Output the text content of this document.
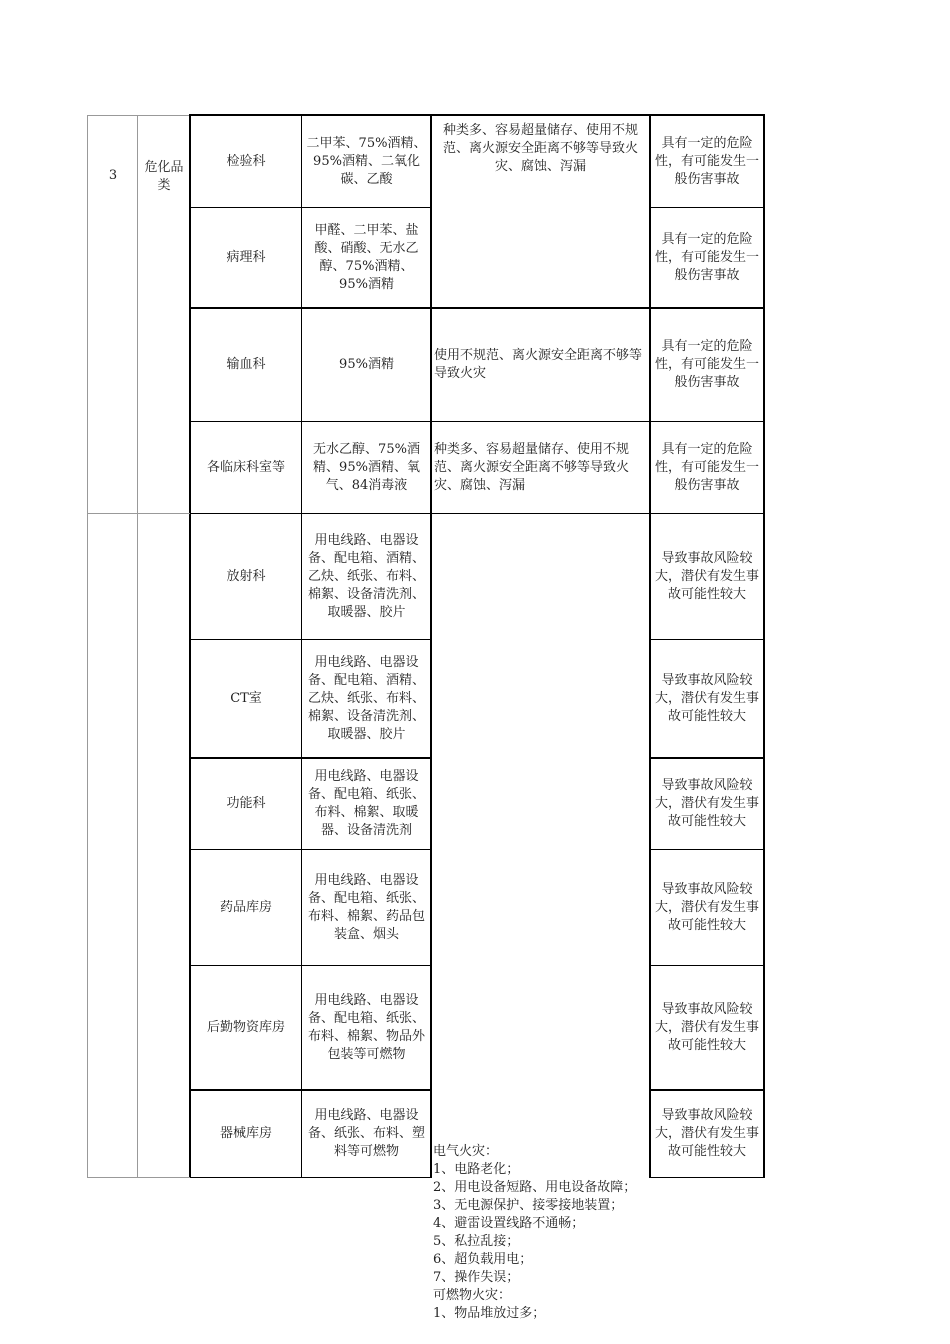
3
危化品类
检验科
二甲苯、75%酒精、95%酒精、二氧化碳、乙酸
种类多、容易超量储存、使用不规范、离火源安全距离不够等导致火灾、腐蚀、泻漏
具有一定的危险性，有可能发生一般伤害事故
病理科
甲醛、二甲苯、盐酸、硝酸、无水乙醇、75%酒精、95%酒精
具有一定的危险性，有可能发生一般伤害事故
输血科	95%酒精
使用不规范、离火源安全距离不够等导致火灾
具有一定的危险性，有可能发生一般伤害事故
各临床科室等
无水乙醇、75%酒精、95%酒精、氧气、84消毒液
种类多、容易超量储存、使用不规范、离火源安全距离不够等导致火灾、腐蚀、泻漏
具有一定的危险性，有可能发生一般伤害事故
放射科
用电线路、电器设备、配电箱、酒精、乙炔、纸张、布料、棉絮、设备清洗剂、取暖器、胶片
导致事故风险较大，潜伏有发生事故可能性较大
CT室
用电线路、电器设备、配电箱、酒精、乙炔、纸张、布料、棉絮、设备清洗剂、取暖器、胶片
导致事故风险较大，潜伏有发生事故可能性较大
功能科
用电线路、电器设备、配电箱、纸张、布料、棉絮、取暖器、设备清洗剂
导致事故风险较大，潜伏有发生事故可能性较大
药品库房
用电线路、电器设备、配电箱、纸张、布料、棉絮、药品包装盒、烟头
导致事故风险较大，潜伏有发生事故可能性较大
后勤物资库房
用电线路、电器设备、配电箱、纸张、布料、棉絮、物品外包装等可燃物
导致事故风险较大，潜伏有发生事故可能性较大
器械库房
用电线路、电器设备、纸张、布料、塑料等可燃物
导致事故风险较大，潜伏有发生事故可能性较大
电气火灾：
1、电路老化；
2、用电设备短路、用电设备故障；
3、无电源保护、接零接地装置；
4、避雷设置线路不通畅；
5、私拉乱接；
6、超负载用电；
7、操作失误；
可燃物火灾：
1、物品堆放过多；
